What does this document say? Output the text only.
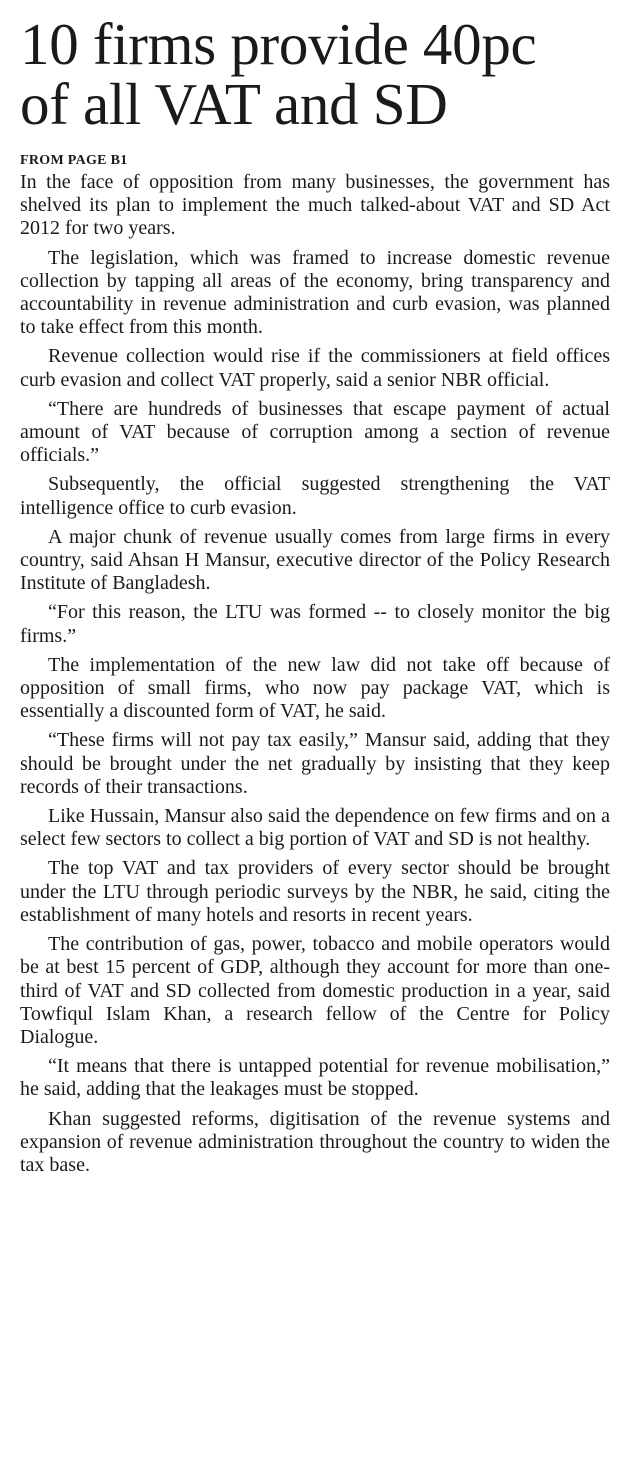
10 firms provide 40pc
of all VAT and SD
FROM PAGE B1

In the face of opposition from many businesses, the government has shelved its plan to implement the much talked-about VAT and SD Act 2012 for two years.

The legislation, which was framed to increase domestic revenue collection by tapping all areas of the economy, bring transparency and accountability in revenue administration and curb evasion, was planned to take effect from this month.

Revenue collection would rise if the commissioners at field offices curb evasion and collect VAT properly, said a senior NBR official.

“There are hundreds of businesses that escape payment of actual amount of VAT because of corruption among a section of revenue officials.”

Subsequently, the official suggested strengthening the VAT intelligence office to curb evasion.

A major chunk of revenue usually comes from large firms in every country, said Ahsan H Mansur, executive director of the Policy Research Institute of Bangladesh.

“For this reason, the LTU was formed -- to closely monitor the big firms.”

The implementation of the new law did not take off because of opposition of small firms, who now pay package VAT, which is essentially a discounted form of VAT, he said.

“These firms will not pay tax easily,” Mansur said, adding that they should be brought under the net gradually by insisting that they keep records of their transactions.

Like Hussain, Mansur also said the dependence on few firms and on a select few sectors to collect a big portion of VAT and SD is not healthy.

The top VAT and tax providers of every sector should be brought under the LTU through periodic surveys by the NBR, he said, citing the establishment of many hotels and resorts in recent years.

The contribution of gas, power, tobacco and mobile operators would be at best 15 percent of GDP, although they account for more than one-third of VAT and SD collected from domestic production in a year, said Towfiqul Islam Khan, a research fellow of the Centre for Policy Dialogue.

“It means that there is untapped potential for revenue mobilisation,” he said, adding that the leakages must be stopped.

Khan suggested reforms, digitisation of the revenue systems and expansion of revenue administration throughout the country to widen the tax base.
